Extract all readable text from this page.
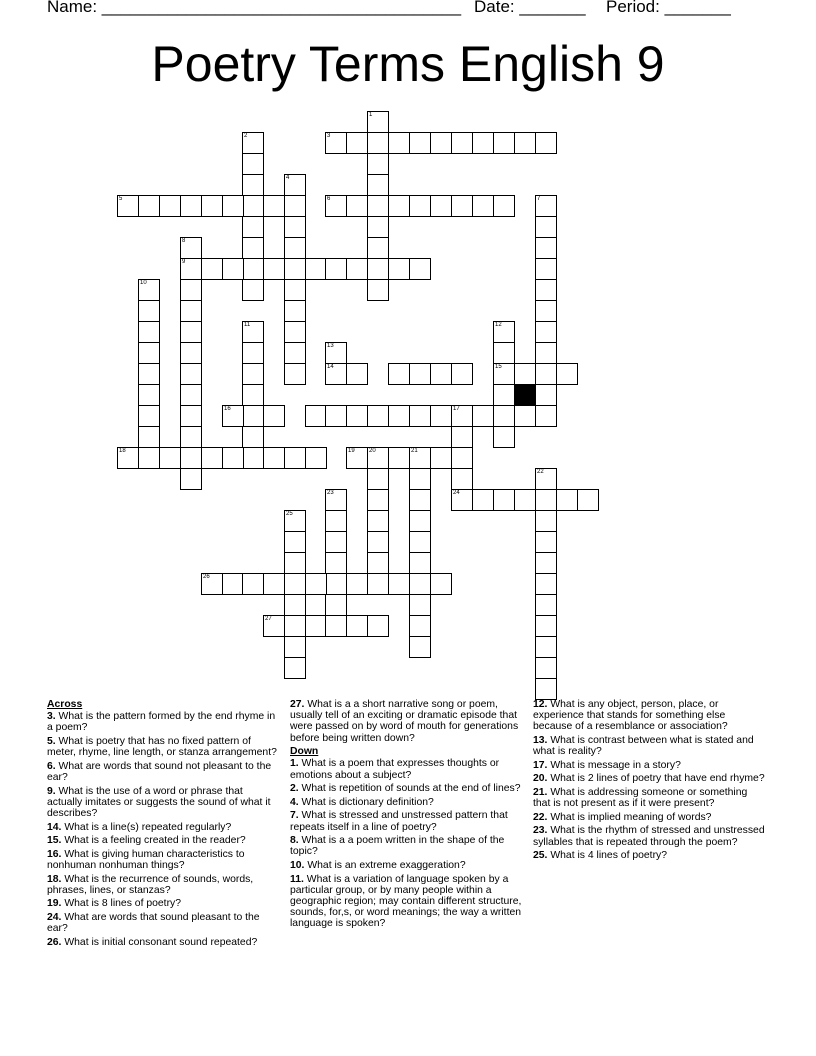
Name: ______________________________________ Date: _______ Period: _______
Poetry Terms English 9
1
2	3
4
5	6	7
8
9
10
11	12
15
13
14
16	17
18	19 20	21
22
24
23
25
26
27
Across

3. What is the pattern formed by the end rhyme in a poem?

5. What is poetry that has no fixed pattern of meter, rhyme, line length, or stanza arrangement?

6. What are words that sound not pleasant to the ear?

9. What is the use of a word or phrase that actually imitates or suggests the sound of what it describes?

14. What is a line(s) repeated regularly?

15. What is a feeling created in the reader?

16. What is giving human characteristics to nonhuman nonhuman things?

18. What is the recurrence of sounds, words, phrases, lines, or stanzas?

19. What is 8 lines of poetry?

24. What are words that sound pleasant to the ear?

26. What is initial consonant sound repeated?

27. What is a a short narrative song or poem, usually tell of an exciting or dramatic episode that were passed on by word of mouth for generations before being written down?

Down

1. What is a poem that expresses thoughts or emotions about a subject?

2. What is repetition of sounds at the end of lines?

4. What is dictionary definition?

7. What is stressed and unstressed pattern that repeats itself in a line of poetry?

8. What is a a poem written in the shape of the topic?

10. What is an extreme exaggeration?

11. What is a variation of language spoken by a particular group, or by many people within a geographic region; may contain different structure, sounds, for,s, or word meanings; the way a written language is spoken?

12. What is any object, person, place, or experience that stands for something else because of a resemblance or association?

13. What is contrast between what is stated and what is reality?

17. What is message in a story?

20. What is 2 lines of poetry that have end rhyme?

21. What is addressing someone or something that is not present as if it were present?

22. What is implied meaning of words?

23. What is the rhythm of stressed and unstressed syllables that is repeated through the poem?

25. What is 4 lines of poetry?
